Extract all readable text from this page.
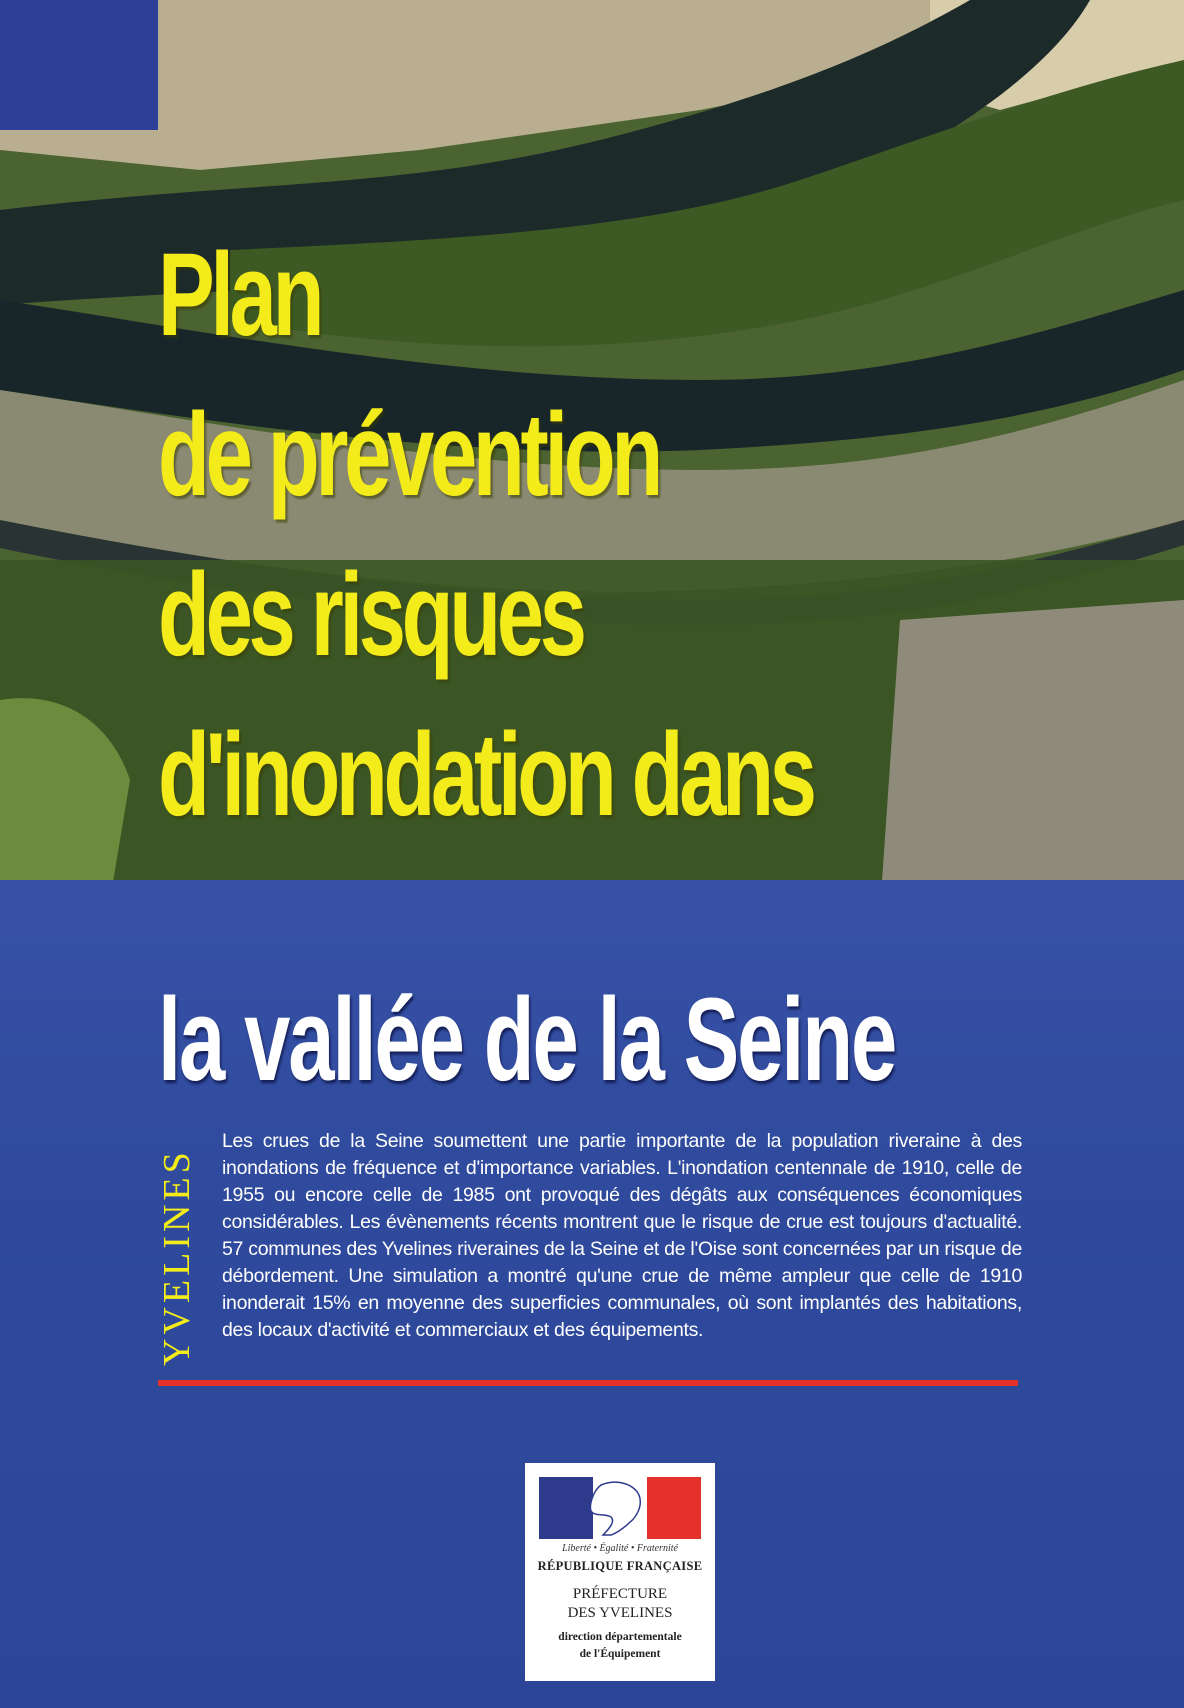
Plan
de prévention
des risques
d'inondation dans
la vallée de la Seine
YVELINES
Les crues de la Seine soumettent une partie importante de la population riveraine à des inondations de fréquence et d'importance variables. L'inondation centennale de 1910, celle de 1955 ou encore celle de 1985 ont provoqué des dégâts aux conséquences économiques considérables. Les évènements récents montrent que le risque de crue est toujours d'actualité. 57 communes des Yvelines riveraines de la Seine et de l'Oise sont concernées par un risque de débordement. Une simulation a montré qu'une crue de même ampleur que celle de 1910 inonderait 15% en moyenne des superficies communales, où sont implantés des habitations, des locaux d'activité et commerciaux et des équipements.
Liberté • Égalité • Fraternité
RÉPUBLIQUE FRANÇAISE
PRÉFECTURE
DES YVELINES
direction départementale
de l'Équipement
